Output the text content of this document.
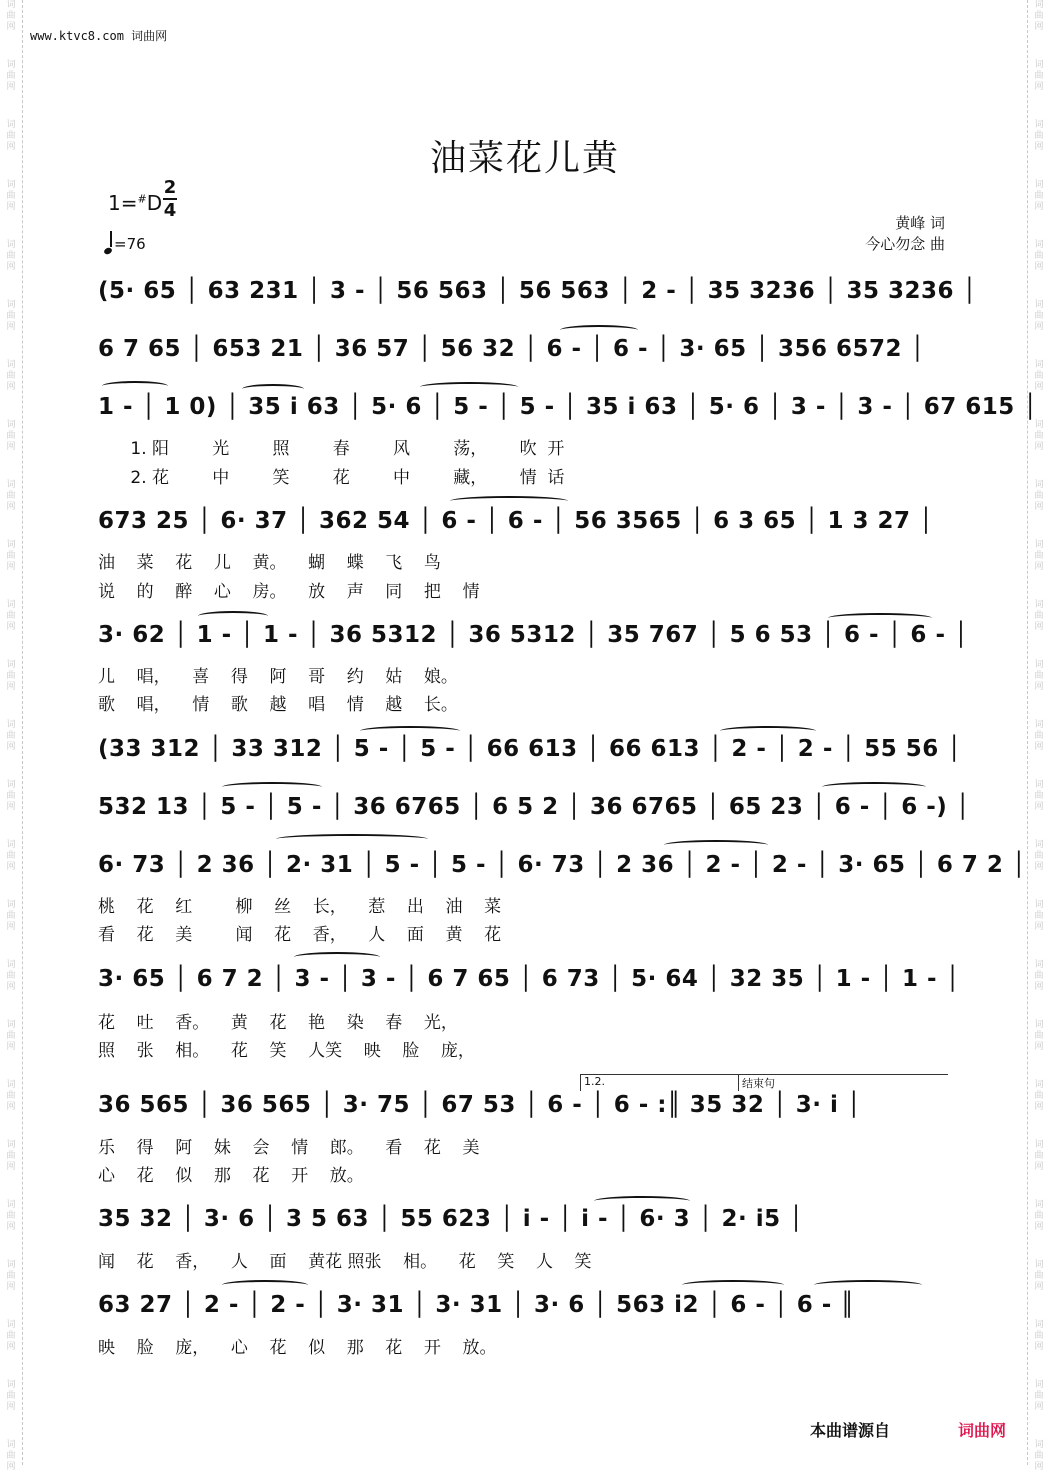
词
曲
网
词
曲
网
词
曲
网
词
曲
网
词
曲
网
词
曲
网
词
曲
网
词
曲
网
词
曲
网
词
曲
网
词
曲
网
词
曲
网
词
曲
网
词
曲
网
词
曲
网
词
曲
网
词
曲
网
词
曲
网
词
曲
网
词
曲
网
词
曲
网
词
曲
网
词
曲
网
词
曲
网
词
曲
网
词
曲
网
词
曲
网
词
曲
网
词
曲
网
词
曲
网
词
曲
网
词
曲
网
词
曲
网
词
曲
网
词
曲
网
词
曲
网
词
曲
网
词
曲
网
词
曲
网
词
曲
网
词
曲
网
词
曲
网
词
曲
网
词
曲
网
词
曲
网
词
曲
网
词
曲
网
词
曲
网
词
曲
网
词
曲
网
www.ktvc8.com 词曲网
油菜花儿黄
1=#D
2
4
=76
黄峰 词
今心勿念 曲
(5· 65 │ 63 231 │ 3 - │ 56 563 │ 56 563 │ 2 - │ 35 3236 │ 35 3236 │
6 7 65 │ 653 21 │ 36 57 │ 56 32 │ 6 - │ 6 - │ 3· 65 │ 356 6572 │
1 - │ 1 0) │ 35 i 63 │ 5· 6 │ 5 - │ 5 - │ 35 i 63 │ 5· 6 │ 3 - │ 3 - │ 67 615 │
1. 阳        光        照        春        风        荡，      吹  开
2. 花        中        笑        花        中        藏，      情  话
673 25 │ 6· 37 │ 362 54 │ 6 - │ 6 - │ 56 3565 │ 6 3 65 │ 1 3 27 │
油    菜    花    儿    黄。    蝴    蝶    飞    鸟
说    的    醉    心    房。    放    声    同    把    情
3· 62 │ 1 - │ 1 - │ 36 5312 │ 36 5312 │ 35 767 │ 5 6 53 │ 6 - │ 6 - │
儿    唱，    喜    得    阿    哥    约    姑    娘。
歌    唱，    情    歌    越    唱    情    越    长。
(33 312 │ 33 312 │ 5 - │ 5 - │ 66 613 │ 66 613 │ 2 - │ 2 - │ 55 56 │
532 13 │ 5 - │ 5 - │ 36 6765 │ 6 5 2 │ 36 6765 │ 65 23 │ 6 - │ 6 -) │
6· 73 │ 2 36 │ 2· 31 │ 5 - │ 5 - │ 6· 73 │ 2 36 │ 2 - │ 2 - │ 3· 65 │ 6 7 2 │
桃    花    红        柳    丝    长，    惹    出    油    菜
看    花    美        闻    花    香，    人    面    黄    花
3· 65 │ 6 7 2 │ 3 - │ 3 - │ 6 7 65 │ 6 73 │ 5· 64 │ 32 35 │ 1 - │ 1 - │
花    吐    香。    黄    花    艳    染    春    光，
照    张    相。    花    笑    人笑    映    脸    庞，
1.2.	结束句
36 565 │ 36 565 │ 3· 75 │ 67 53 │ 6 - │ 6 - :║ 35 32 │ 3· i │
乐    得    阿    妹    会    情    郎。    看    花    美
心    花    似    那    花    开    放。
35 32 │ 3· 6 │ 3 5 63 │ 55 623 │ i - │ i - │ 6· 3 │ 2· i5 │
闻    花    香，    人    面    黄花 照张    相。    花    笑    人    笑
63 27 │ 2 - │ 2 - │ 3· 31 │ 3· 31 │ 3· 6 │ 563 i2 │ 6 - │ 6 - ║
映    脸    庞，    心    花    似    那    花    开    放。
本曲谱源自	词曲网
